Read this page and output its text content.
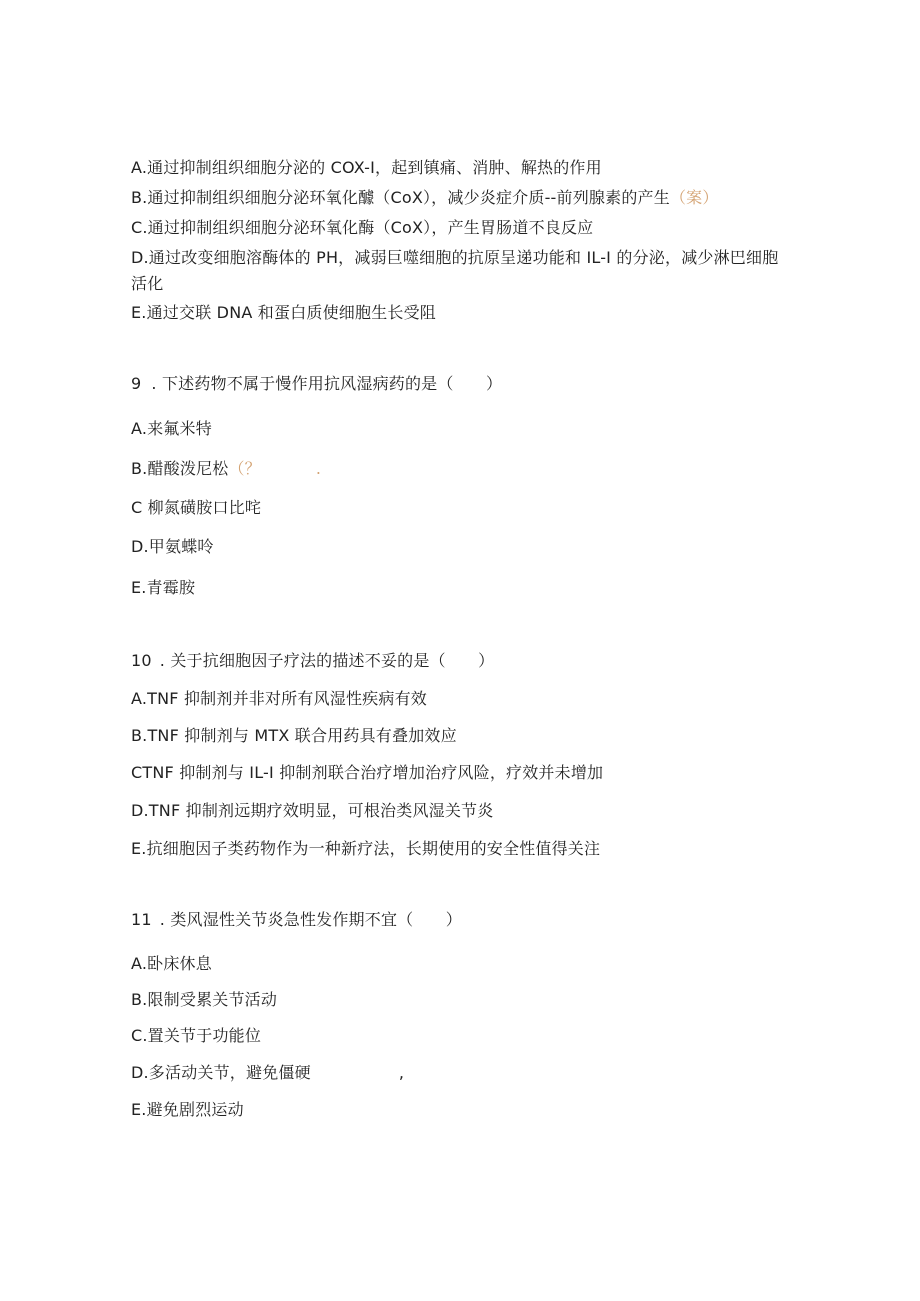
A.通过抑制组织细胞分泌的 COX-I，起到镇痛、消肿、解热的作用
B.通过抑制组织细胞分泌环氧化醵（CoX），减少炎症介质--前列腺素的产生（案）
C.通过抑制组织细胞分泌环氧化酶（CoX），产生胃肠道不良反应
D.通过改变细胞溶酶体的 PH，减弱巨噬细胞的抗原呈递功能和 IL-I 的分泌，减少淋巴细胞活化
E.通过交联 DNA 和蛋白质使细胞生长受阻
9 . 下述药物不属于慢作用抗风湿病药的是（　　）
A.来氟米特
B.醋酸泼尼松（？	.
C 柳氮磺胺口比咤
D.甲氨蝶呤
E.青霉胺
10 . 关于抗细胞因子疗法的描述不妥的是（　　）
A.TNF 抑制剂并非对所有风湿性疾病有效
B.TNF 抑制剂与 MTX 联合用药具有叠加效应
CTNF 抑制剂与 IL-I 抑制剂联合治疗增加治疗风险，疗效并未增加
D.TNF 抑制剂远期疗效明显，可根治类风湿关节炎
E.抗细胞因子类药物作为一种新疗法，长期使用的安全性值得关注
11 . 类风湿性关节炎急性发作期不宜（　　）
A.卧床休息
B.限制受累关节活动
C.置关节于功能位
D.多活动关节，避免僵硬	,
E.避免剧烈运动
